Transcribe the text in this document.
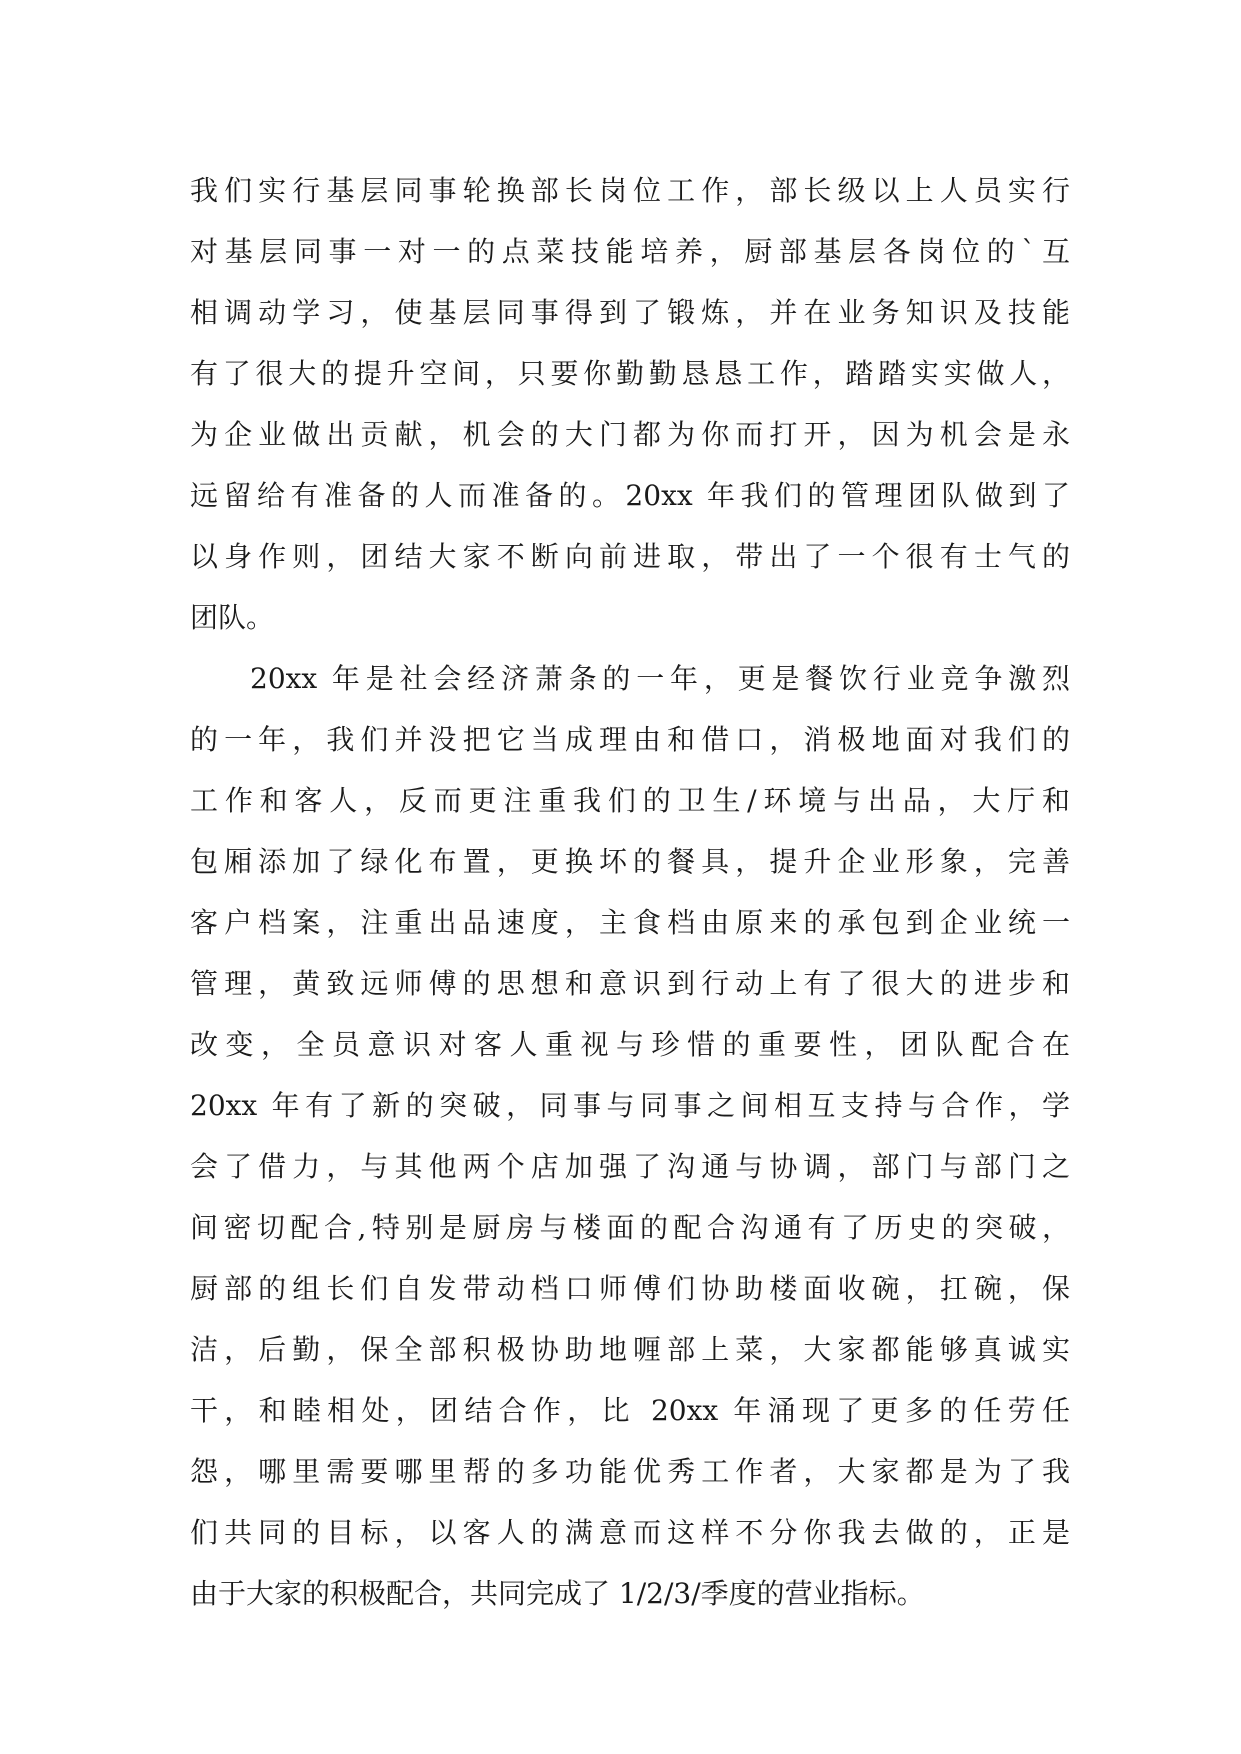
我们实行基层同事轮换部长岗位工作，部长级以上人员实行
对基层同事一对一的点菜技能培养，厨部基层各岗位的`互
相调动学习，使基层同事得到了锻炼，并在业务知识及技能
有了很大的提升空间，只要你勤勤恳恳工作，踏踏实实做人，
为企业做出贡献，机会的大门都为你而打开，因为机会是永
远留给有准备的人而准备的。20xx 年我们的管理团队做到了
以身作则，团结大家不断向前进取，带出了一个很有士气的
团队。
20xx 年是社会经济萧条的一年，更是餐饮行业竞争激烈
的一年，我们并没把它当成理由和借口，消极地面对我们的
工作和客人，反而更注重我们的卫生/环境与出品，大厅和
包厢添加了绿化布置，更换坏的餐具，提升企业形象，完善
客户档案，注重出品速度，主食档由原来的承包到企业统一
管理，黄致远师傅的思想和意识到行动上有了很大的进步和
改变，全员意识对客人重视与珍惜的重要性，团队配合在
20xx 年有了新的突破，同事与同事之间相互支持与合作，学
会了借力，与其他两个店加强了沟通与协调，部门与部门之
间密切配合,特别是厨房与楼面的配合沟通有了历史的突破，
厨部的组长们自发带动档口师傅们协助楼面收碗，扛碗，保
洁，后勤，保全部积极协助地喱部上菜，大家都能够真诚实
干，和睦相处，团结合作，比 20xx 年涌现了更多的任劳任
怨，哪里需要哪里帮的多功能优秀工作者，大家都是为了我
们共同的目标，以客人的满意而这样不分你我去做的，正是
由于大家的积极配合，共同完成了 1/2/3/季度的营业指标。
